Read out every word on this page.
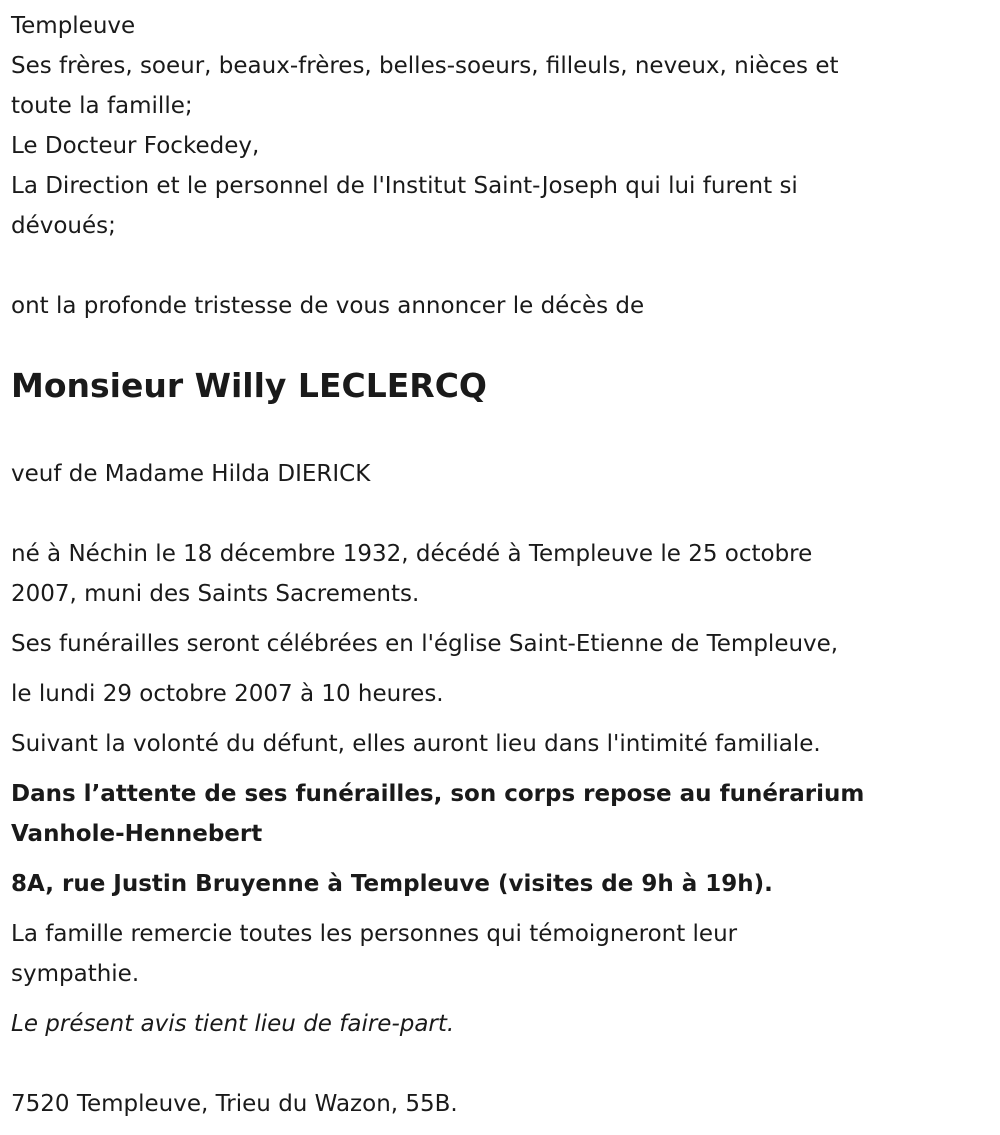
Templeuve
Ses frères, soeur, beaux-frères, belles-soeurs, filleuls, neveux, nièces et
toute la famille;
Le Docteur Fockedey,
La Direction et le personnel de l'Institut Saint-Joseph qui lui furent si
dévoués;
ont la profonde tristesse de vous annoncer le décès de
Monsieur Willy LECLERCQ
veuf de Madame Hilda DIERICK
né à Néchin le 18 décembre 1932, décédé à Templeuve le 25 octobre
2007, muni des Saints Sacrements.
Ses funérailles seront célébrées en l'église Saint-Etienne de Templeuve,
le lundi 29 octobre 2007 à 10 heures.
Suivant la volonté du défunt, elles auront lieu dans l'intimité familiale.
Dans l’attente de ses funérailles, son corps repose au funérarium
Vanhole-Hennebert
8A, rue Justin Bruyenne à Templeuve (visites de 9h à 19h).
La famille remercie toutes les personnes qui témoigneront leur
sympathie.
Le présent avis tient lieu de faire-part.
7520 Templeuve, Trieu du Wazon, 55B.
